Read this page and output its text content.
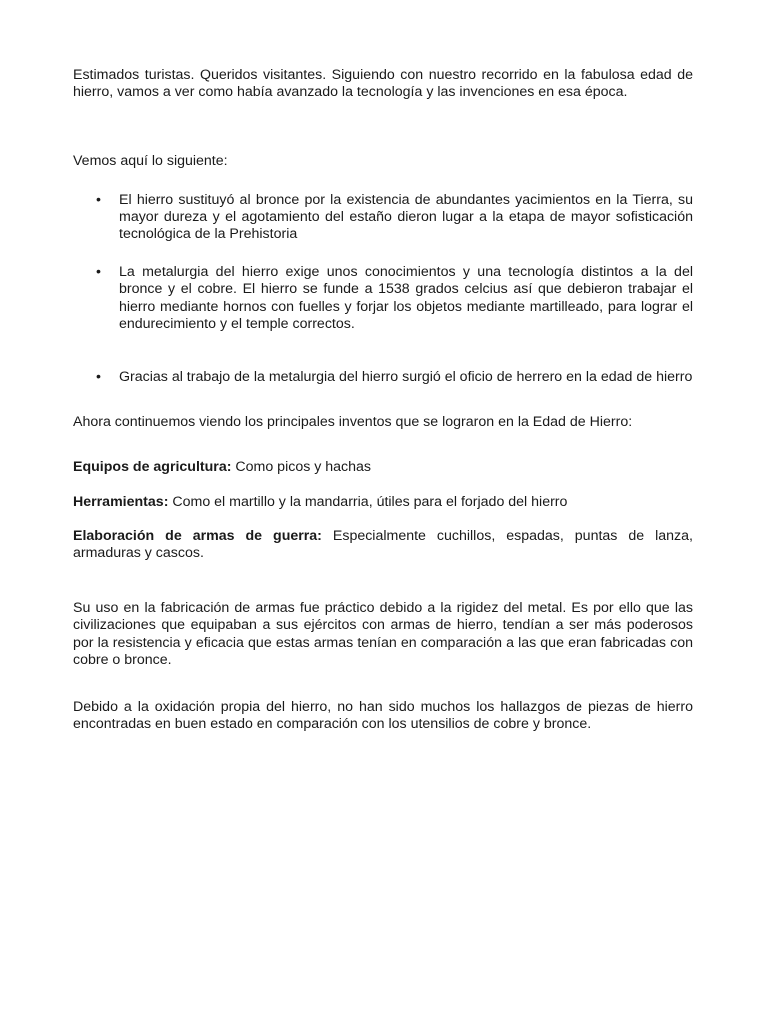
Estimados turistas. Queridos visitantes. Siguiendo con nuestro recorrido en la fabulosa edad de hierro, vamos a ver como había avanzado la tecnología y las invenciones en esa época.

Vemos aquí lo siguiente:

• El hierro sustituyó al bronce por la existencia de abundantes yacimientos en la Tierra, su mayor dureza y el agotamiento del estaño dieron lugar a la etapa de mayor sofisticación tecnológica de la Prehistoria
• La metalurgia del hierro exige unos conocimientos y una tecnología distintos a la del bronce y el cobre. El hierro se funde a 1538 grados celcius así que debieron trabajar el hierro mediante hornos con fuelles y forjar los objetos mediante martilleado, para lograr el endurecimiento y el temple correctos.
• Gracias al trabajo de la metalurgia del hierro surgió el oficio de herrero en la edad de hierro

Ahora continuemos viendo los principales inventos que se lograron en la Edad de Hierro:

Equipos de agricultura: Como picos y hachas

Herramientas: Como el martillo y la mandarria, útiles para el forjado del hierro

Elaboración de armas de guerra: Especialmente cuchillos, espadas, puntas de lanza, armaduras y cascos.

Su uso en la fabricación de armas fue práctico debido a la rigidez del metal. Es por ello que las civilizaciones que equipaban a sus ejércitos con armas de hierro, tendían a ser más poderosos por la resistencia y eficacia que estas armas tenían en comparación a las que eran fabricadas con cobre o bronce.

Debido a la oxidación propia del hierro, no han sido muchos los hallazgos de piezas de hierro encontradas en buen estado en comparación con los utensilios de cobre y bronce.
